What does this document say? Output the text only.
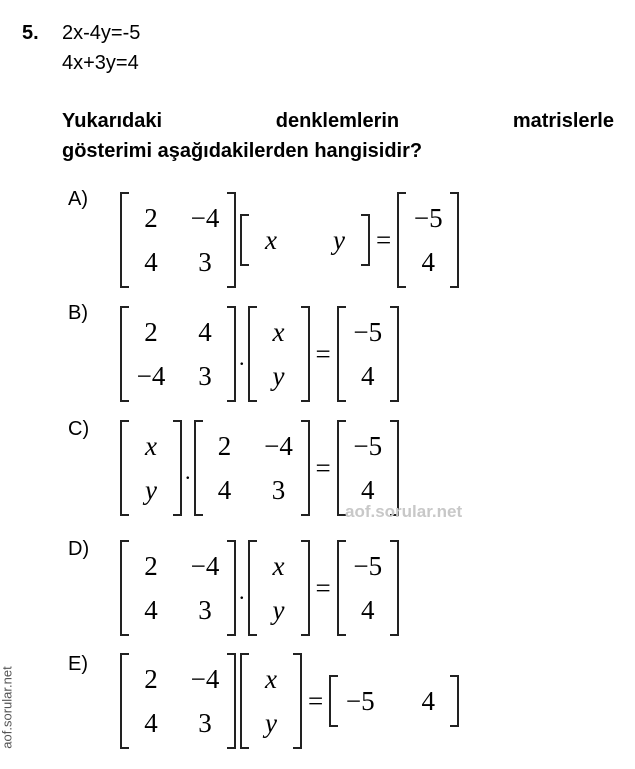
5. 2x-4y=-5
4x+3y=4
Yukarıdaki denklemlerin matrislerle
gösterimi aşağıdakilerden hangisidir?
A)
2	−4
4	3
x	y	=
−5
4
B)
2	4
−4	3
.
x
y
=
−5
4
C)
x
y
.
2	−4
4	3
=
−5
4
D)
2	−4
4	3
.
x
y
=
−5
4
E)	2	−4
4	3
x
y
= −5	4
aof.sorular.net
aof.sorular.net
